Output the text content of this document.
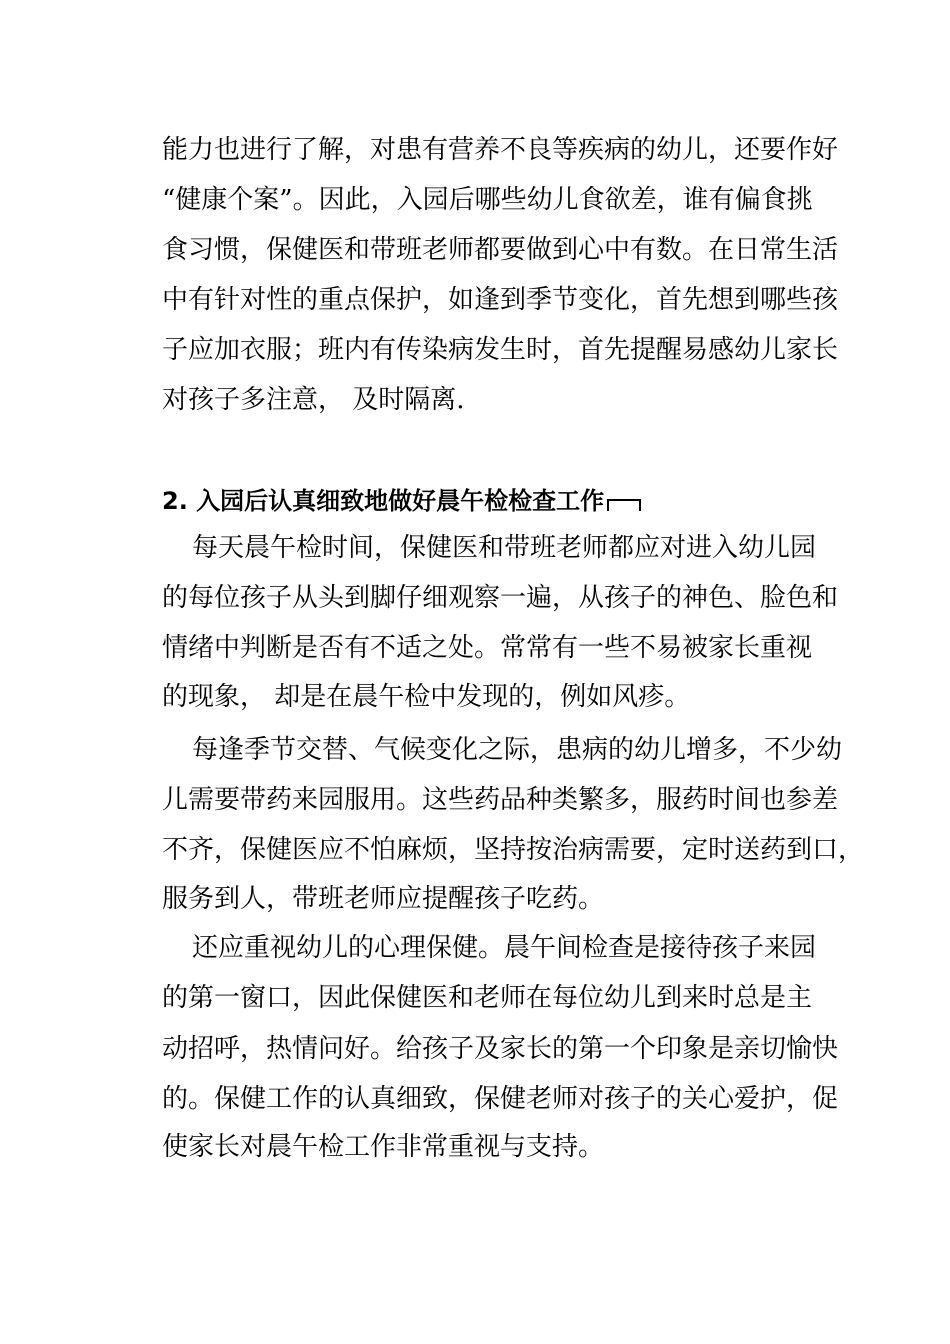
能力也进行了解，对患有营养不良等疾病的幼儿，还要作好
“健康个案”。因此，入园后哪些幼儿食欲差，谁有偏食挑
食习惯，保健医和带班老师都要做到心中有数。在日常生活
中有针对性的重点保护，如逢到季节变化，首先想到哪些孩
子应加衣服；班内有传染病发生时，首先提醒易感幼儿家长
对孩子多注意， 及时隔离.
2. 入园后认真细致地做好晨午检检查工作
每天晨午检时间，保健医和带班老师都应对进入幼儿园
的每位孩子从头到脚仔细观察一遍，从孩子的神色、脸色和
情绪中判断是否有不适之处。常常有一些不易被家长重视
的现象， 却是在晨午检中发现的，例如风疹。
每逢季节交替、气候变化之际，患病的幼儿增多，不少幼
儿需要带药来园服用。这些药品种类繁多，服药时间也参差
不齐，保健医应不怕麻烦，坚持按治病需要，定时送药到口，
服务到人，带班老师应提醒孩子吃药。
还应重视幼儿的心理保健。晨午间检查是接待孩子来园
的第一窗口，因此保健医和老师在每位幼儿到来时总是主
动招呼，热情问好。给孩子及家长的第一个印象是亲切愉快
的。保健工作的认真细致，保健老师对孩子的关心爱护，促
使家长对晨午检工作非常重视与支持。
